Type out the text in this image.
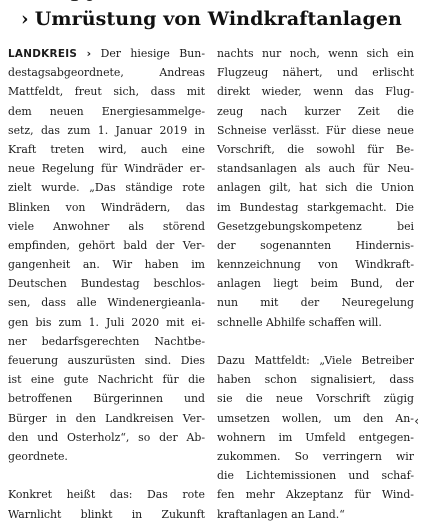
› Umrüstung von Windkraftanlagen
LANDKREIS › Der hiesige Bun-
destagsabgeordnete, Andreas
Mattfeldt, freut sich, dass mit
dem neuen Energiesammelge-
setz, das zum 1. Januar 2019 in
Kraft treten wird, auch eine
neue Regelung für Windräder er-
zielt wurde. „Das ständige rote
Blinken von Windrädern, das
viele Anwohner als störend
empfinden, gehört bald der Ver-
gangenheit an. Wir haben im
Deutschen Bundestag beschlos-
sen, dass alle Windenergieanla-
gen bis zum 1. Juli 2020 mit ei-
ner bedarfsgerechten Nachtbe-
feuerung auszurüsten sind. Dies
ist eine gute Nachricht für die
betroffenen Bürgerinnen und
Bürger in den Landkreisen Ver-
den und Osterholz“, so der Ab-
geordnete.
Konkret heißt das: Das rote
Warnlicht blinkt in Zukunft
nachts nur noch, wenn sich ein
Flugzeug nähert, und erlischt
direkt wieder, wenn das Flug-
zeug nach kurzer Zeit die
Schneise verlässt. Für diese neue
Vorschrift, die sowohl für Be-
standsanlagen als auch für Neu-
anlagen gilt, hat sich die Union
im Bundestag starkgemacht. Die
Gesetzgebungskompetenz bei
der sogenannten Hindernis-
kennzeichnung von Windkraft-
anlagen liegt beim Bund, der
nun mit der Neuregelung
schnelle Abhilfe schaffen will.
Dazu Mattfeldt: „Viele Betreiber
haben schon signalisiert, dass
sie die neue Vorschrift zügig
umsetzen wollen, um den An-
wohnern im Umfeld entgegen-
zukommen. So verringern wir
die Lichtemissionen und schaf-
fen mehr Akzeptanz für Wind-
kraftanlagen an Land.“
‹
